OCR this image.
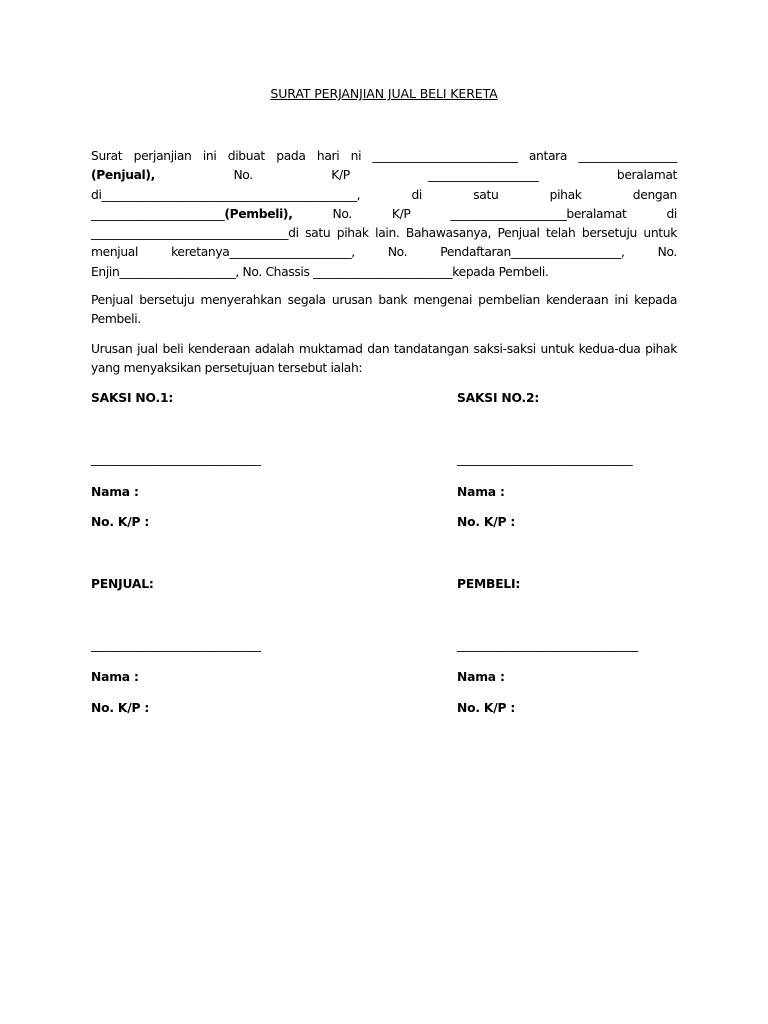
SURAT PERJANJIAN JUAL BELI KERETA
Surat perjanjian ini dibuat pada hari ni _________________________ antara _________________
(Penjual), No. K/P ___________________ beralamat
di____________________________________________, di satu pihak dengan
_______________________(Pembeli), No. K/P ____________________beralamat di
__________________________________di satu pihak lain. Bahawasanya, Penjual telah bersetuju untuk
menjual keretanya_____________________, No. Pendaftaran___________________, No.
Enjin____________________, No. Chassis ________________________kepada Pembeli.
Penjual bersetuju menyerahkan segala urusan bank mengenai pembelian kenderaan ini kepada Pembeli.
Urusan jual beli kenderaan adalah muktamad dan tandatangan saksi-saksi untuk kedua-dua pihak yang menyaksikan persetujuan tersebut ialah:
SAKSI NO.1:	SAKSI NO.2:
______________________________	_______________________________
Nama :	Nama :
No. K/P :	No. K/P :
PENJUAL:	PEMBELI:
______________________________	________________________________
Nama :	Nama :
No. K/P :	No. K/P :
